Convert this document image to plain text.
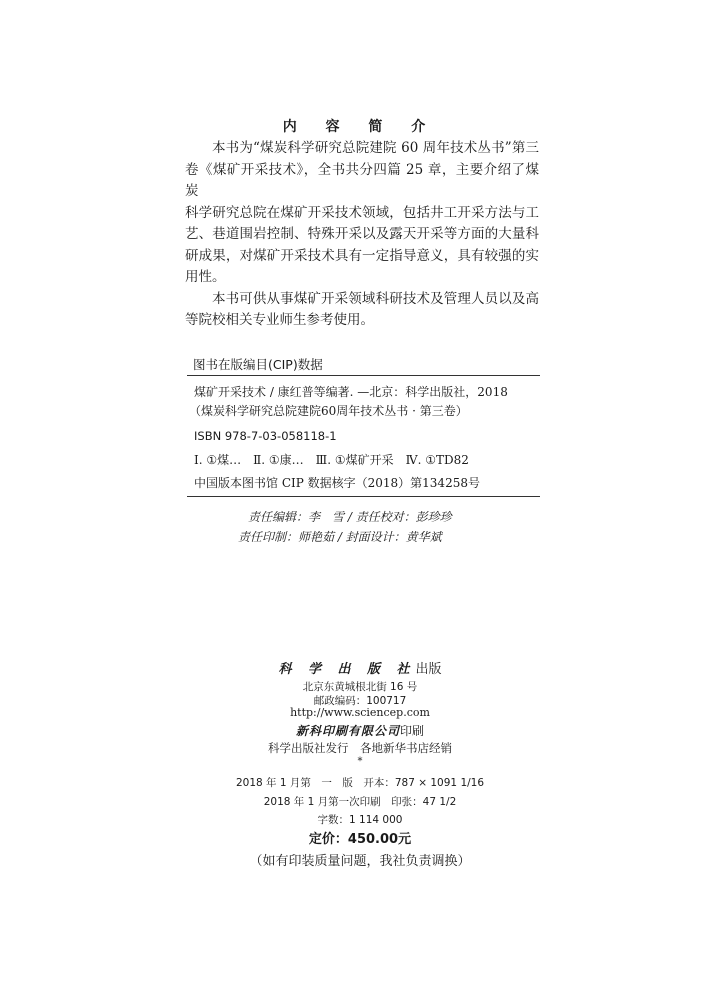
内 容 简 介

本书为“煤炭科学研究总院建院 60 周年技术丛书”第三
卷《煤矿开采技术》，全书共分四篇 25 章，主要介绍了煤炭
科学研究总院在煤矿开采技术领域，包括井工开采方法与工
艺、巷道围岩控制、特殊开采以及露天开采等方面的大量科
研成果，对煤矿开采技术具有一定指导意义，具有较强的实
用性。

本书可供从事煤矿开采领域科研技术及管理人员以及高
等院校相关专业师生参考使用。

图书在版编目(CIP)数据
煤矿开采技术 / 康红普等编著. —北京：科学出版社，2018
（煤炭科学研究总院建院60周年技术丛书 · 第三卷）
ISBN 978-7-03-058118-1
Ⅰ. ①煤…　Ⅱ. ①康…　Ⅲ. ①煤矿开采　Ⅳ. ①TD82
中国版本图书馆 CIP 数据核字（2018）第134258号
责任编辑：李　雪 / 责任校对：彭珍珍
责任印制：师艳茹 / 封面设计：黄华斌
科 学 出 版 社出版
北京东黄城根北街 16 号
邮政编码：100717
http://www.sciencep.com
新科印刷有限公司印刷
科学出版社发行　各地新华书店经销
*
2018 年 1 月第　一　版　开本：787 × 1091 1/16
2018 年 1 月第一次印刷　印张：47 1/2
字数：1 114 000
定价：450.00元
（如有印装质量问题，我社负责调换）
